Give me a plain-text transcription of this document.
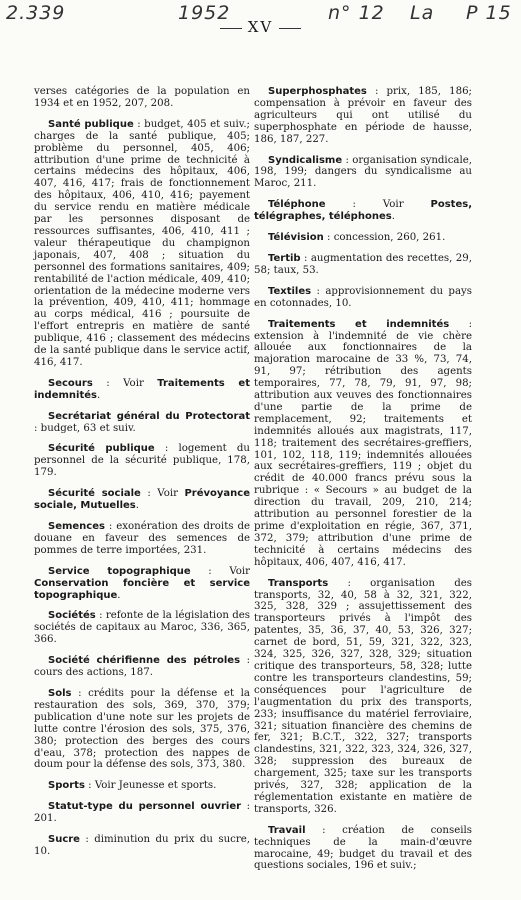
2.339	1952	n° 12 La P 15
XV

verses catégories de la population en 1934 et en 1952, 207, 208.

Santé publique : budget, 405 et suiv.; charges de la santé publique, 405; problème du personnel, 405, 406; attribution d'une prime de technicité à certains médecins des hôpitaux, 406, 407, 416, 417; frais de fonctionnement des hôpitaux, 406, 410, 416; payement du service rendu en matière médicale par les personnes disposant de ressources suffisantes, 406, 410, 411 ; valeur thérapeutique du champignon japonais, 407, 408 ; situation du personnel des formations sanitaires, 409; rentabilité de l'action médicale, 409, 410; orientation de la médecine moderne vers la prévention, 409, 410, 411; hommage au corps médical, 416 ; poursuite de l'effort entrepris en matière de santé publique, 416 ; classement des médecins de la santé publique dans le service actif, 416, 417.

Secours : Voir Traitements et indemnités.

Secrétariat général du Protectorat : budget, 63 et suiv.

Sécurité publique : logement du personnel de la sécurité publique, 178, 179.

Sécurité sociale : Voir Prévoyance sociale, Mutuelles.

Semences : exonération des droits de douane en faveur des semences de pommes de terre importées, 231.

Service topographique : Voir Conservation foncière et service topographique.

Sociétés : refonte de la législation des sociétés de capitaux au Maroc, 336, 365, 366.

Société chérifienne des pétroles : cours des actions, 187.

Sols : crédits pour la défense et la restauration des sols, 369, 370, 379; publication d'une note sur les projets de lutte contre l'érosion des sols, 375, 376, 380; protection des berges des cours d'eau, 378; protection des nappes de doum pour la défense des sols, 373, 380.

Sports : Voir Jeunesse et sports.

Statut-type du personnel ouvrier : 201.

Sucre : diminution du prix du sucre, 10.

Superphosphates : prix, 185, 186; compensation à prévoir en faveur des agriculteurs qui ont utilisé du superphosphate en période de hausse, 186, 187, 227.

Syndicalisme : organisation syndicale, 198, 199; dangers du syndicalisme au Maroc, 211.

Téléphone : Voir Postes, télégraphes, téléphones.

Télévision : concession, 260, 261.

Tertib : augmentation des recettes, 29, 58; taux, 53.

Textiles : approvisionnement du pays en cotonnades, 10.

Traitements et indemnités : extension à l'indemnité de vie chère allouée aux fonctionnaires de la majoration marocaine de 33 %, 73, 74, 91, 97; rétribution des agents temporaires, 77, 78, 79, 91, 97, 98; attribution aux veuves des fonctionnaires d'une partie de la prime de remplacement, 92; traitements et indemnités alloués aux magistrats, 117, 118; traitement des secrétaires-greffiers, 101, 102, 118, 119; indemnités allouées aux secrétaires-greffiers, 119 ; objet du crédit de 40.000 francs prévu sous la rubrique : « Secours » au budget de la direction du travail, 209, 210, 214; attribution au personnel forestier de la prime d'exploitation en régie, 367, 371, 372, 379; attribution d'une prime de technicité à certains médecins des hôpitaux, 406, 407, 416, 417.

Transports : organisation des transports, 32, 40, 58 à 32, 321, 322, 325, 328, 329 ; assujettissement des transporteurs privés à l'impôt des patentes, 35, 36, 37, 40, 53, 326, 327; carnet de bord, 51, 59, 321, 322, 323, 324, 325, 326, 327, 328, 329; situation critique des transporteurs, 58, 328; lutte contre les transporteurs clandestins, 59; conséquences pour l'agriculture de l'augmentation du prix des transports, 233; insuffisance du matériel ferroviaire, 321; situation financière des chemins de fer, 321; B.C.T., 322, 327; transports clandestins, 321, 322, 323, 324, 326, 327, 328; suppression des bureaux de chargement, 325; taxe sur les transports privés, 327, 328; application de la réglementation existante en matière de transports, 326.

Travail : création de conseils techniques de la main-d'œuvre marocaine, 49; budget du travail et des questions sociales, 196 et suiv.;
